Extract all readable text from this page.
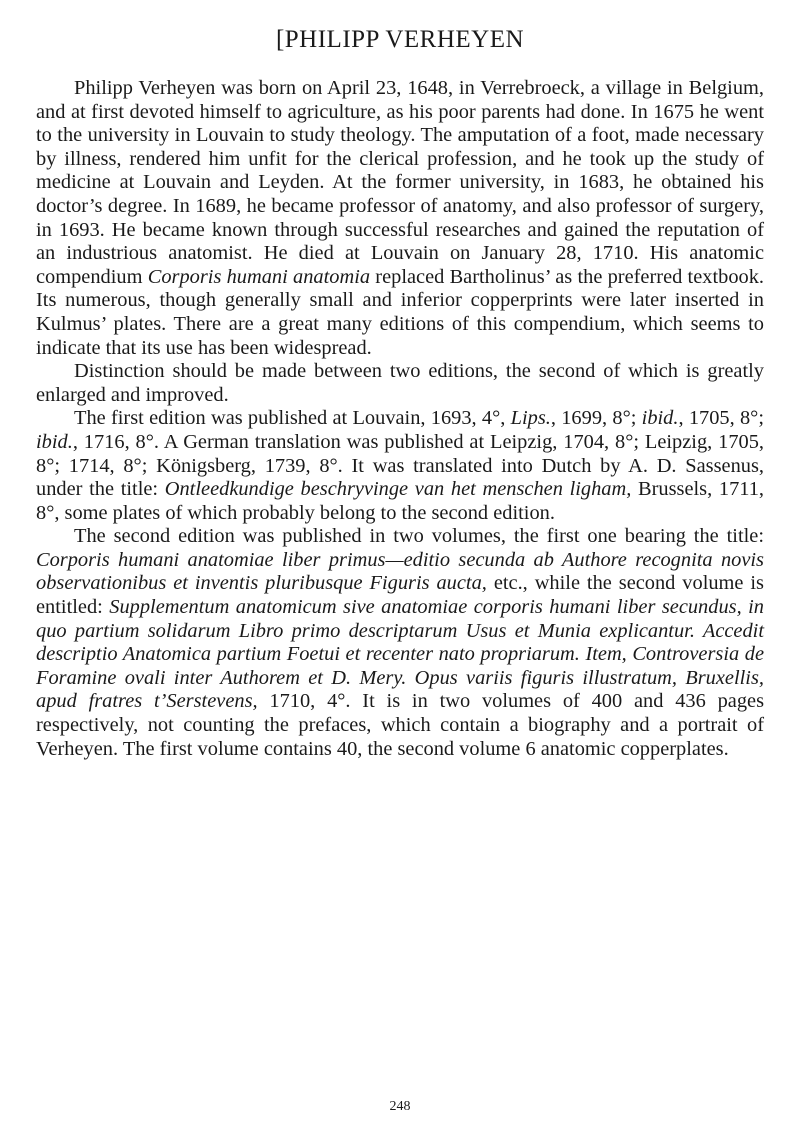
[PHILIPP VERHEYEN

Philipp Verheyen was born on April 23, 1648, in Verrebroeck, a village in Belgium, and at first devoted himself to agriculture, as his poor parents had done. In 1675 he went to the university in Louvain to study theology. The amputation of a foot, made necessary by illness, rendered him unfit for the clerical profession, and he took up the study of medicine at Louvain and Leyden. At the former university, in 1683, he obtained his doctor’s degree. In 1689, he became professor of anatomy, and also professor of surgery, in 1693. He became known through successful researches and gained the reputation of an industrious anatomist. He died at Louvain on January 28, 1710. His anatomic compendium Corporis humani anatomia replaced Bartholinus’ as the preferred textbook. Its numerous, though generally small and inferior copperprints were later inserted in Kulmus’ plates. There are a great many editions of this compendium, which seems to indicate that its use has been widespread.

Distinction should be made between two editions, the second of which is greatly enlarged and improved.

The first edition was published at Louvain, 1693, 4°, Lips., 1699, 8°; ibid., 1705, 8°; ibid., 1716, 8°. A German translation was published at Leipzig, 1704, 8°; Leipzig, 1705, 8°; 1714, 8°; Königsberg, 1739, 8°. It was translated into Dutch by A. D. Sassenus, under the title: Ontleedkundige beschryvinge van het menschen ligham, Brussels, 1711, 8°, some plates of which probably belong to the second edition.

The second edition was published in two volumes, the first one bearing the title: Corporis humani anatomiae liber primus—editio secunda ab Authore recognita novis observationibus et inventis pluribusque Figuris aucta, etc., while the second volume is entitled: Supplementum anatomicum sive anatomiae corporis humani liber secundus, in quo partium solidarum Libro primo descriptarum Usus et Munia explicantur. Accedit descriptio Anatomica partium Foetui et recenter nato propriarum. Item, Controversia de Foramine ovali inter Authorem et D. Mery. Opus variis figuris illustratum, Bruxellis, apud fratres t’Serstevens, 1710, 4°. It is in two volumes of 400 and 436 pages respectively, not counting the prefaces, which contain a biography and a portrait of Verheyen. The first volume contains 40, the second volume 6 anatomic copperplates.

248
